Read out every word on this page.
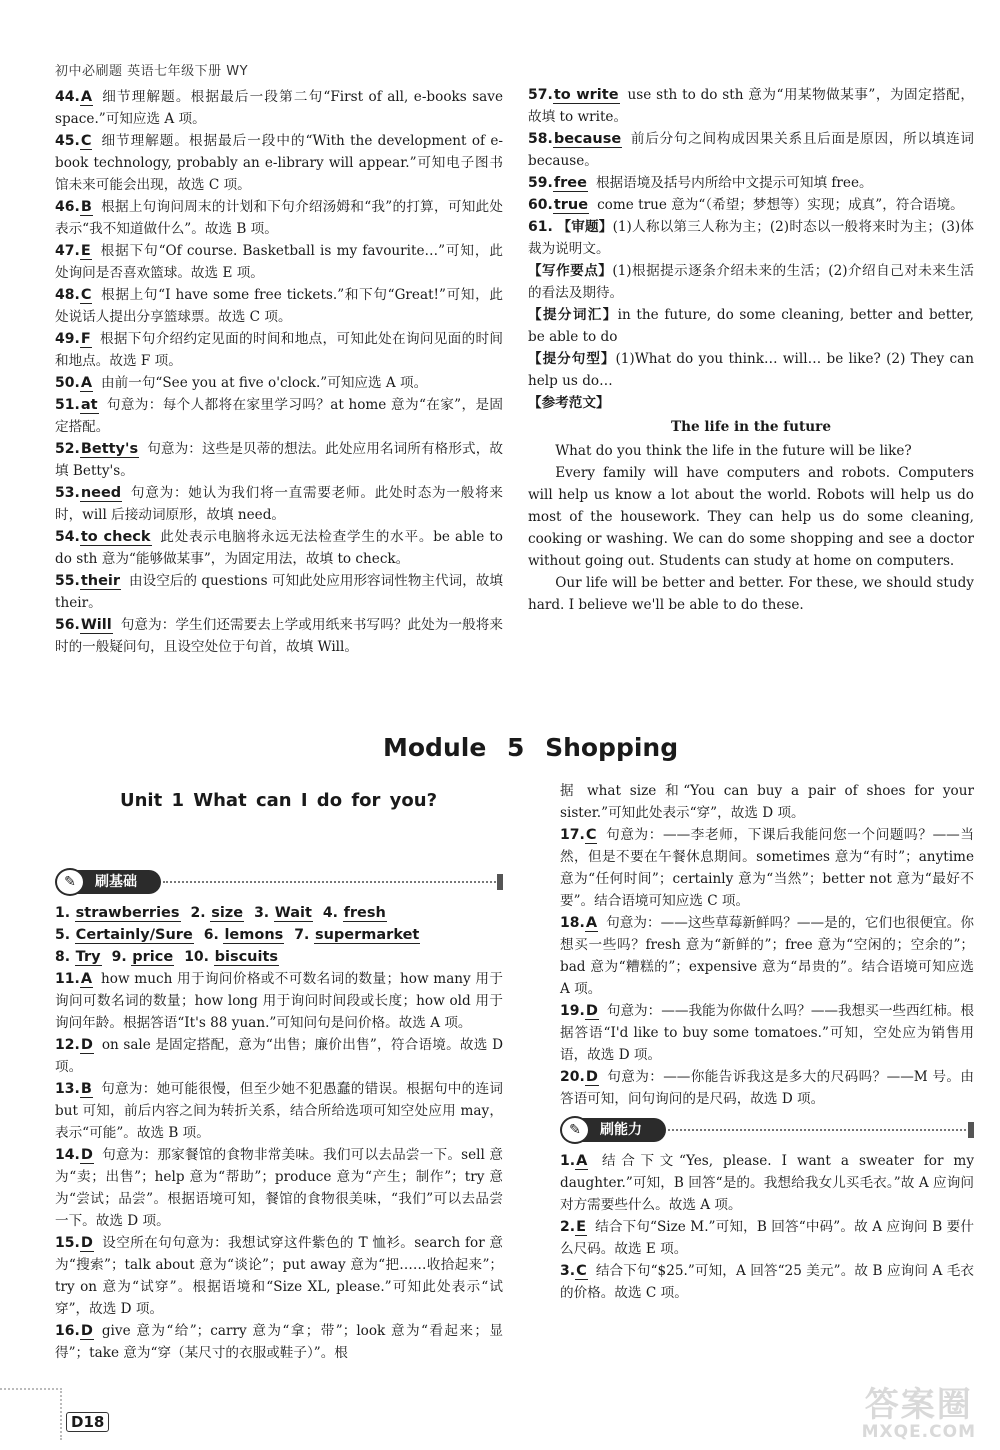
初中必刷题 英语七年级下册 WY
44.A 细节理解题。根据最后一段第二句“First of all, e-books save space.”可知应选 A 项。
45.C 细节理解题。根据最后一段中的“With the development of e-book technology, probably an e-library will appear.”可知电子图书馆未来可能会出现，故选 C 项。
46.B 根据上句询问周末的计划和下句介绍汤姆和“我”的打算，可知此处表示“我不知道做什么”。故选 B 项。
47.E 根据下句“Of course. Basketball is my favourite…”可知，此处询问是否喜欢篮球。故选 E 项。
48.C 根据上句“I have some free tickets.”和下句“Great!”可知，此处说话人提出分享篮球票。故选 C 项。
49.F 根据下句介绍约定见面的时间和地点，可知此处在询问见面的时间和地点。故选 F 项。
50.A 由前一句“See you at five o'clock.”可知应选 A 项。
51.at 句意为：每个人都将在家里学习吗？at home 意为“在家”，是固定搭配。
52.Betty's 句意为：这些是贝蒂的想法。此处应用名词所有格形式，故填 Betty's。
53.need 句意为：她认为我们将一直需要老师。此处时态为一般将来时，will 后接动词原形，故填 need。
54.to check 此处表示电脑将永远无法检查学生的水平。be able to do sth 意为“能够做某事”，为固定用法，故填 to check。
55.their 由设空后的 questions 可知此处应用形容词性物主代词，故填 their。
56.Will 句意为：学生们还需要去上学或用纸来书写吗？此处为一般将来时的一般疑问句，且设空处位于句首，故填 Will。
57.to write use sth to do sth 意为“用某物做某事”，为固定搭配，故填 to write。
58.because 前后分句之间构成因果关系且后面是原因，所以填连词 because。
59.free 根据语境及括号内所给中文提示可知填 free。
60.true come true 意为“（希望；梦想等）实现；成真”，符合语境。
61. 【审题】(1)人称以第三人称为主；(2)时态以一般将来时为主；(3)体裁为说明文。
【写作要点】(1)根据提示逐条介绍未来的生活；(2)介绍自己对未来生活的看法及期待。
【提分词汇】in the future, do some cleaning, better and better, be able to do
【提分句型】(1)What do you think… will… be like? (2) They can help us do…
【参考范文】
The life in the future
What do you think the life in the future will be like?
Every family will have computers and robots. Computers will help us know a lot about the world. Robots will help us do most of the housework. They can help us do some cleaning, cooking or washing. We can do some shopping and see a doctor without going out. Students can study at home on computers.
Our life will be better and better. For these, we should study hard. I believe we'll be able to do these.
Module 5 Shopping
Unit 1 What can I do for you?
✎	刷基础
1. strawberries 2. size 3. Wait 4. fresh
5. Certainly/Sure 6. lemons 7. supermarket
8. Try 9. price 10. biscuits
11.A how much 用于询问价格或不可数名词的数量；how many 用于询问可数名词的数量；how long 用于询问时间段或长度；how old 用于询问年龄。根据答语“It's 88 yuan.”可知问句是问价格。故选 A 项。
12.D on sale 是固定搭配，意为“出售；廉价出售”，符合语境。故选 D 项。
13.B 句意为：她可能很慢，但至少她不犯愚蠢的错误。根据句中的连词 but 可知，前后内容之间为转折关系，结合所给选项可知空处应用 may，表示“可能”。故选 B 项。
14.D 句意为：那家餐馆的食物非常美味。我们可以去品尝一下。sell 意为“卖；出售”；help 意为“帮助”；produce 意为“产生；制作”；try 意为“尝试；品尝”。根据语境可知，餐馆的食物很美味，“我们”可以去品尝一下。故选 D 项。
15.D 设空所在句句意为：我想试穿这件紫色的 T 恤衫。search for 意为“搜索”；talk about 意为“谈论”；put away 意为“把……收拾起来”；try on 意为“试穿”。根据语境和“Size XL, please.”可知此处表示“试穿”，故选 D 项。
16.D give 意为“给”；carry 意为“拿；带”；look 意为“看起来；显得”；take 意为“穿（某尺寸的衣服或鞋子）”。根
据 what size 和“You can buy a pair of shoes for your sister.”可知此处表示“穿”，故选 D 项。
17.C 句意为：——李老师，下课后我能问您一个问题吗？——当然，但是不要在午餐休息期间。sometimes 意为“有时”；anytime 意为“任何时间”；certainly 意为“当然”；better not 意为“最好不要”。结合语境可知应选 C 项。
18.A 句意为：——这些草莓新鲜吗？——是的，它们也很便宜。你想买一些吗？fresh 意为“新鲜的”；free 意为“空闲的；空余的”；bad 意为“糟糕的”；expensive 意为“昂贵的”。结合语境可知应选 A 项。
19.D 句意为：——我能为你做什么吗？——我想买一些西红柿。根据答语“I'd like to buy some tomatoes.”可知，空处应为销售用语，故选 D 项。
20.D 句意为：——你能告诉我这是多大的尺码吗？——M 号。由答语可知，问句询问的是尺码，故选 D 项。
✎	刷能力
1.A 结合下文“Yes, please. I want a sweater for my daughter.”可知，B 回答“是的。我想给我女儿买毛衣。”故 A 应询问对方需要些什么。故选 A 项。
2.E 结合下句“Size M.”可知，B 回答“中码”。故 A 应询问 B 要什么尺码。故选 E 项。
3.C 结合下句“$25.”可知，A 回答“25 美元”。故 B 应询问 A 毛衣的价格。故选 C 项。
D18	答案圈
MXQE.COM
